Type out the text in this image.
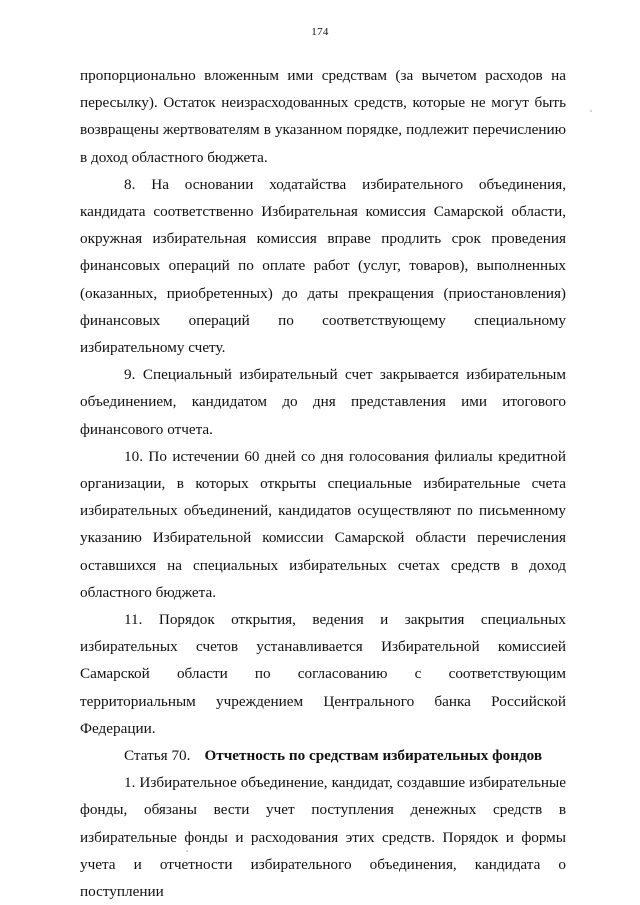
174

пропорционально вложенным ими средствам (за вычетом расходов на пересылку). Остаток неизрасходованных средств, которые не могут быть возвращены жертвователям в указанном порядке, подлежит перечислению в доход областного бюджета.

8. На основании ходатайства избирательного объединения, кандидата соответственно Избирательная комиссия Самарской области, окружная избирательная комиссия вправе продлить срок проведения финансовых операций по оплате работ (услуг, товаров), выполненных (оказанных, приобретенных) до даты прекращения (приостановления) финансовых операций по соответствующему специальному избирательному счету.

9. Специальный избирательный счет закрывается избирательным объединением, кандидатом до дня представления ими итогового финансового отчета.

10. По истечении 60 дней со дня голосования филиалы кредитной организации, в которых открыты специальные избирательные счета избирательных объединений, кандидатов осуществляют по письменному указанию Избирательной комиссии Самарской области перечисления оставшихся на специальных избирательных счетах средств в доход областного бюджета.

11. Порядок открытия, ведения и закрытия специальных избирательных счетов устанавливается Избирательной комиссией Самарской области по согласованию с соответствующим территориальным учреждением Центрального банка Российской Федерации.

Статья 70. Отчетность по средствам избирательных фондов

1. Избирательное объединение, кандидат, создавшие избирательные фонды, обязаны вести учет поступления денежных средств в избирательные фонды и расходования этих средств. Порядок и формы учета и отчетности избирательного объединения, кандидата о поступлении
